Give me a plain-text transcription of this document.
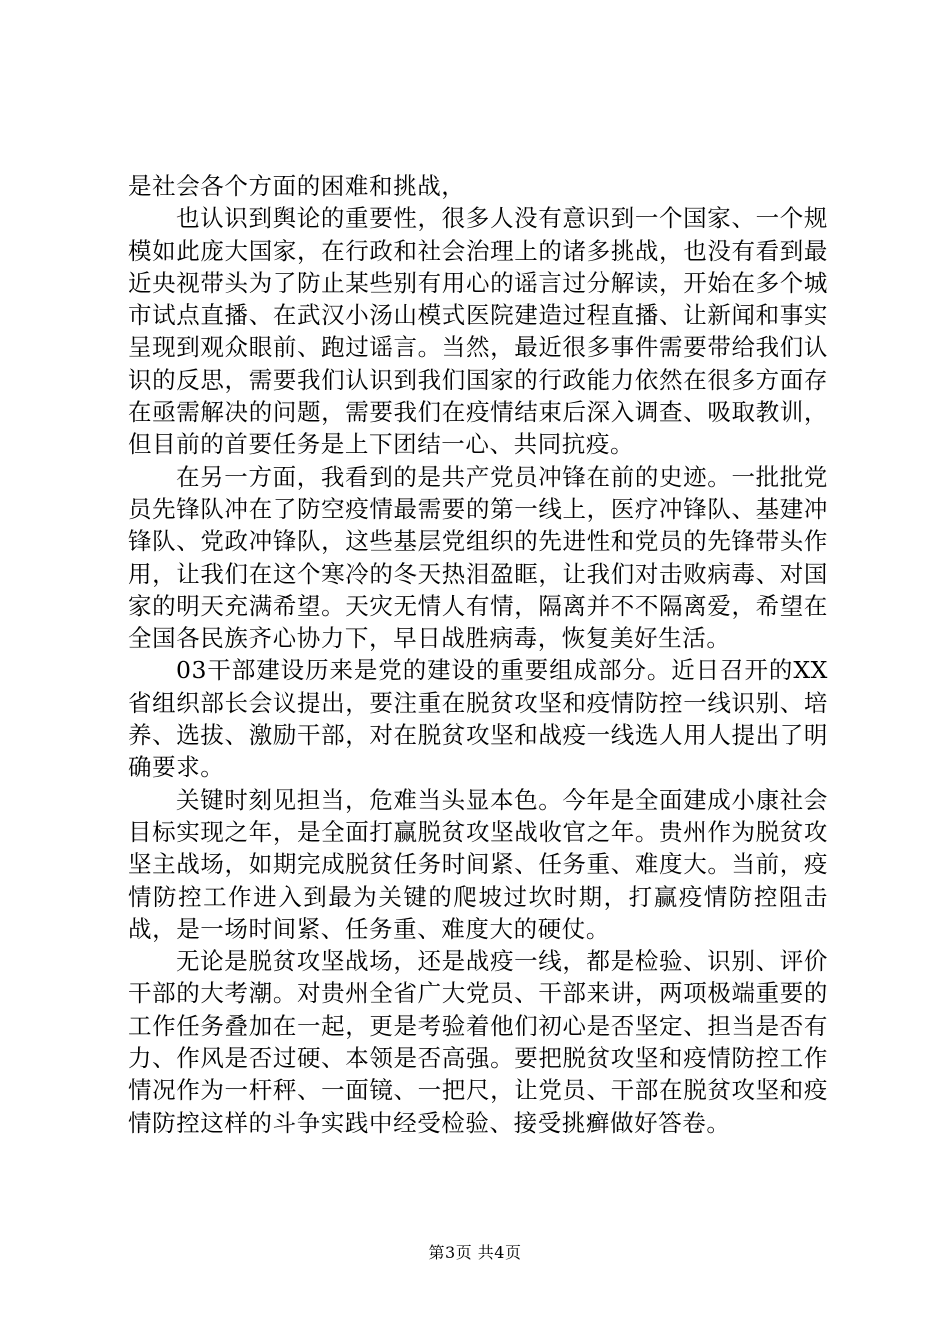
是社会各个方面的困难和挑战，

也认识到舆论的重要性，很多人没有意识到一个国家、一个规模如此庞大国家，在行政和社会治理上的诸多挑战，也没有看到最近央视带头为了防止某些别有用心的谣言过分解读，开始在多个城市试点直播、在武汉小汤山模式医院建造过程直播、让新闻和事实呈现到观众眼前、跑过谣言。当然，最近很多事件需要带给我们认识的反思，需要我们认识到我们国家的行政能力依然在很多方面存在亟需解决的问题，需要我们在疫情结束后深入调查、吸取教训，但目前的首要任务是上下团结一心、共同抗疫。

在另一方面，我看到的是共产党员冲锋在前的史迹。一批批党员先锋队冲在了防空疫情最需要的第一线上，医疗冲锋队、基建冲锋队、党政冲锋队，这些基层党组织的先进性和党员的先锋带头作用，让我们在这个寒冷的冬天热泪盈眶，让我们对击败病毒、对国家的明天充满希望。天灾无情人有情，隔离并不不隔离爱，希望在全国各民族齐心协力下，早日战胜病毒，恢复美好生活。

03干部建设历来是党的建设的重要组成部分。近日召开的XX省组织部长会议提出，要注重在脱贫攻坚和疫情防控一线识别、培养、选拔、激励干部，对在脱贫攻坚和战疫一线选人用人提出了明确要求。

关键时刻见担当，危难当头显本色。今年是全面建成小康社会目标实现之年，是全面打赢脱贫攻坚战收官之年。贵州作为脱贫攻坚主战场，如期完成脱贫任务时间紧、任务重、难度大。当前，疫情防控工作进入到最为关键的爬坡过坎时期，打赢疫情防控阻击战，是一场时间紧、任务重、难度大的硬仗。

无论是脱贫攻坚战场，还是战疫一线，都是检验、识别、评价干部的大考潮。对贵州全省广大党员、干部来讲，两项极端重要的工作任务叠加在一起，更是考验着他们初心是否坚定、担当是否有力、作风是否过硬、本领是否高强。要把脱贫攻坚和疫情防控工作情况作为一杆秤、一面镜、一把尺，让党员、干部在脱贫攻坚和疫情防控这样的斗争实践中经受检验、接受挑癣做好答卷。

第3页 共4页
